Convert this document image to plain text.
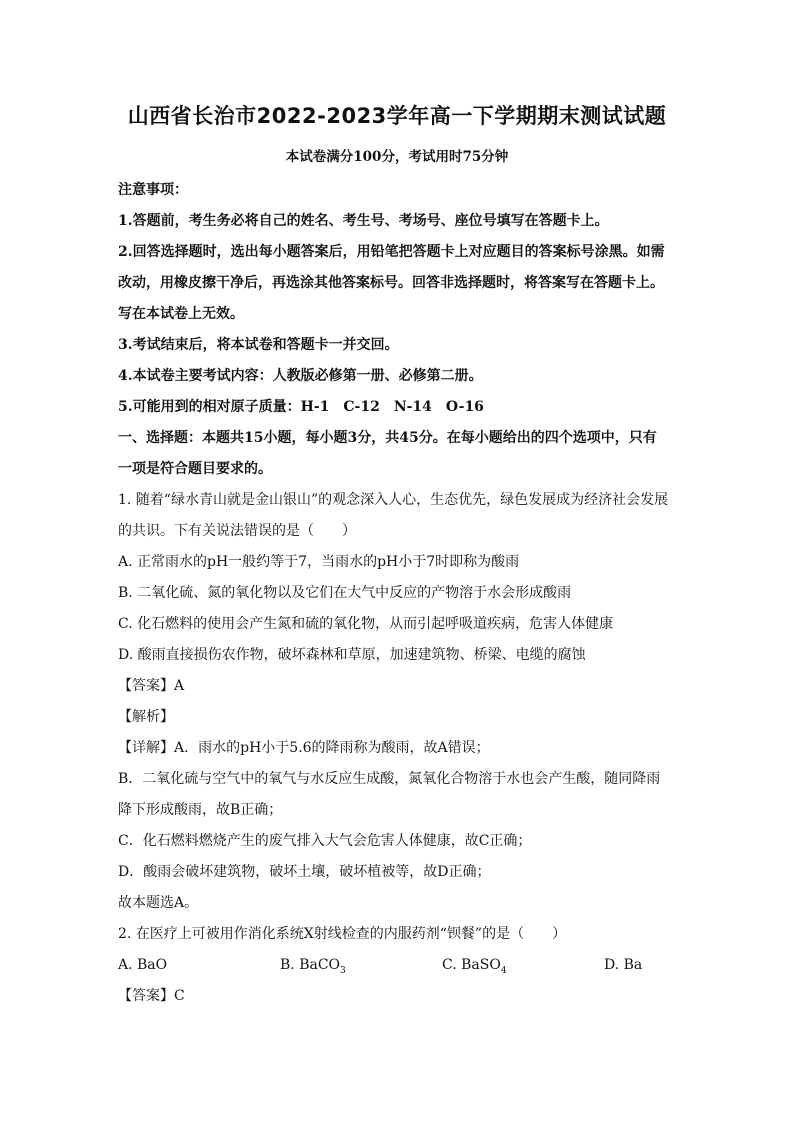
山西省长治市2022-2023学年高一下学期期末测试试题
本试卷满分100分，考试用时75分钟
注意事项：
1.答题前，考生务必将自己的姓名、考生号、考场号、座位号填写在答题卡上。
2.回答选择题时，选出每小题答案后，用铅笔把答题卡上对应题目的答案标号涂黑。如需
改动，用橡皮擦干净后，再选涂其他答案标号。回答非选择题时，将答案写在答题卡上。
写在本试卷上无效。
3.考试结束后，将本试卷和答题卡一并交回。
4.本试卷主要考试内容：人教版必修第一册、必修第二册。
5.可能用到的相对原子质量：H-1　C-12　N-14　O-16
一、选择题：本题共15小题，每小题3分，共45分。在每小题给出的四个选项中，只有
一项是符合题目要求的。
1. 随着“绿水青山就是金山银山”的观念深入人心，生态优先，绿色发展成为经济社会发展
的共识。下有关说法错误的是（　　）
A. 正常雨水的pH一般约等于7，当雨水的pH小于7时即称为酸雨
B. 二氧化硫、氮的氧化物以及它们在大气中反应的产物溶于水会形成酸雨
C. 化石燃料的使用会产生氮和硫的氧化物，从而引起呼吸道疾病，危害人体健康
D. 酸雨直接损伤农作物，破坏森林和草原，加速建筑物、桥梁、电缆的腐蚀
【答案】A
【解析】
【详解】A．雨水的pH小于5.6的降雨称为酸雨，故A错误；
B．二氧化硫与空气中的氧气与水反应生成酸，氮氧化合物溶于水也会产生酸，随同降雨
降下形成酸雨，故B正确；
C．化石燃料燃烧产生的废气排入大气会危害人体健康，故C正确；
D．酸雨会破坏建筑物，破坏土壤，破坏植被等，故D正确；
故本题选A。
2. 在医疗上可被用作消化系统X射线检查的内服药剂“钡餐”的是（　　）
A. BaO	B. BaCO$_3$	C. BaSO$_4$	D. Ba
【答案】C
